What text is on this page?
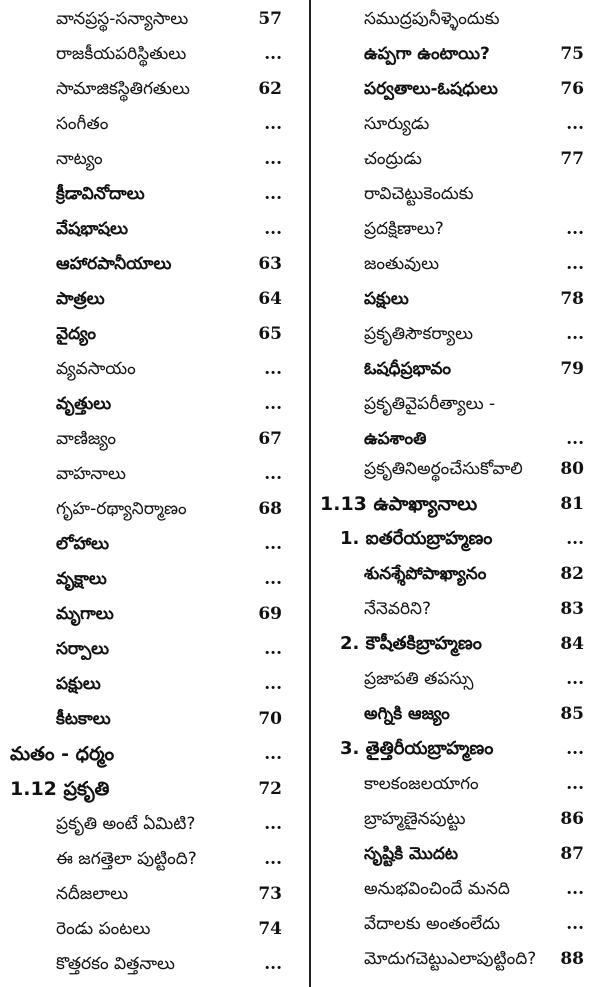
వానప్రస్థ-సన్యాసాలు	57
రాజకీయపరిస్థితులు	...
సామాజికస్థితిగతులు	62
సంగీతం	...
నాట్యం	...
క్రీడావినోదాలు	...
వేషభాషలు	...
ఆహారపానీయాలు	63
పాత్రలు	64
వైద్యం	65
వ్యవసాయం	...
వృత్తులు	...
వాణిజ్యం	67
వాహనాలు	...
గృహ-రథ్యానిర్మాణం	68
లోహాలు	...
వృక్షాలు	...
మృగాలు	69
సర్పాలు	...
పక్షులు	...
కీటకాలు	70
మతం - ధర్మం	...
1.12 ప్రకృతి	72
ప్రకృతి అంటే ఏమిటి?	...
ఈ జగత్తెలా పుట్టింది?	...
నదీజలాలు	73
రెండు పంటలు	74
కొత్తరకం విత్తనాలు	...
సముద్రపునీళ్ళెందుకు
ఉప్పగా ఉంటాయి?	75
పర్వతాలు-ఓషధులు	76
సూర్యుడు	...
చంద్రుడు	77
రావిచెట్టుకెందుకు
ప్రదక్షిణాలు?	...
జంతువులు	...
పక్షులు	78
ప్రకృతిసౌకర్యాలు	...
ఓషధీప్రభావం	79
ప్రకృతివైపరీత్యాలు -
ఉపశాంతి	...
ప్రకృతినిఅర్థంచేసుకోవాలి	80
1.13 ఉపాఖ్యానాలు	81
1. ఐతరేయబ్రాహ్మణం	...
శునశ్శేపోపాఖ్యానం	82
నేనెవరిని?	83
2. కౌషీతకిబ్రాహ్మణం	84
ప్రజాపతి తపస్సు	...
అగ్నికి ఆజ్యం	85
3. తైత్తిరీయబ్రాహ్మణం	...
కాలకంజలయాగం	...
బ్రాహ్మణైనపుట్టు	86
సృష్టికి మొదట	87
అనుభవించిందే మనది	...
వేదాలకు అంతంలేదు	...
మోదుగచెట్టుఎలాపుట్టింది?	88
